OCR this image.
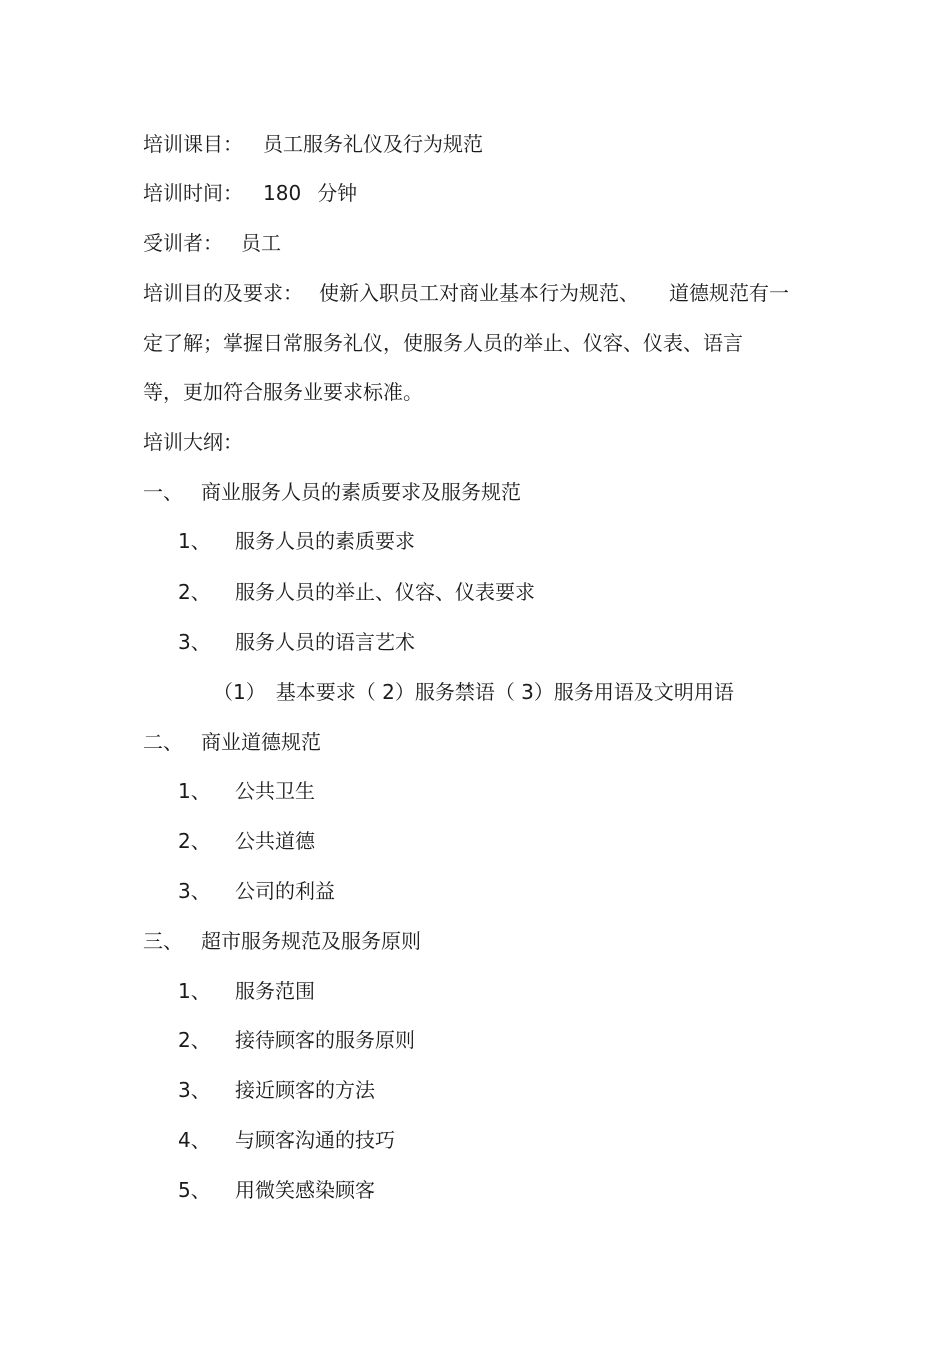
培训课目： 员工服务礼仪及行为规范
培训时间： 180 分钟
受训者： 员工
培训目的及要求： 使新入职员工对商业基本行为规范、 道德规范有一
定了解；掌握日常服务礼仪，使服务人员的举止、仪容、仪表、语言
等，更加符合服务业要求标准。
培训大纲：
一、 商业服务人员的素质要求及服务规范
1、 服务人员的素质要求
2、 服务人员的举止、仪容、仪表要求
3、 服务人员的语言艺术
（1） 基本要求（ 2）服务禁语（ 3）服务用语及文明用语
二、 商业道德规范
1、 公共卫生
2、 公共道德
3、 公司的利益
三、 超市服务规范及服务原则
1、 服务范围
2、 接待顾客的服务原则
3、 接近顾客的方法
4、 与顾客沟通的技巧
5、 用微笑感染顾客
